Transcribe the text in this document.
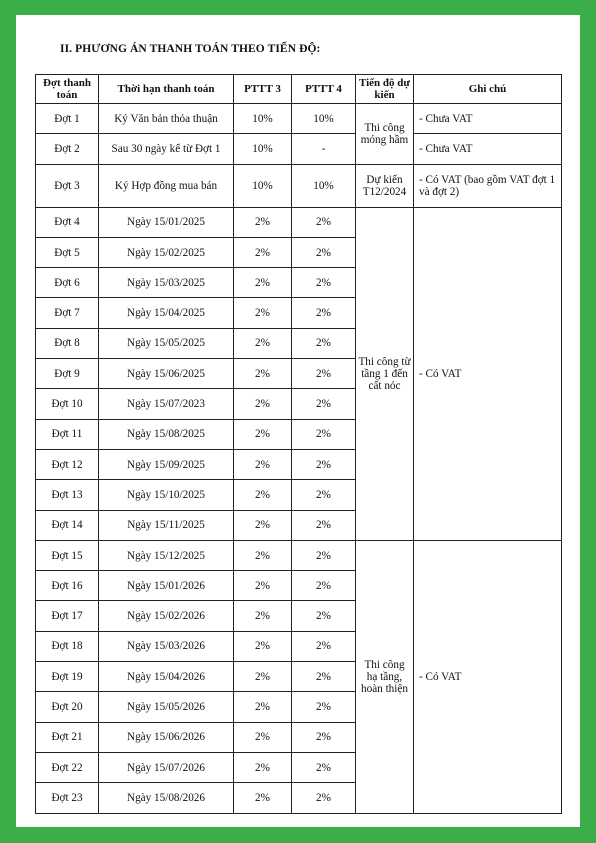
II. PHƯƠNG ÁN THANH TOÁN THEO TIẾN ĐỘ:
Đợt thanh toán	Thời hạn thanh toán	PTTT 3	PTTT 4	Tiến độ dự kiến	Ghi chú
Đợt 1	Ký Văn bản thỏa thuận	10%	10%	Thi công móng hầm	- Chưa VAT
Đợt 2	Sau 30 ngày kể từ Đợt 1	10%	-		- Chưa VAT
Đợt 3	Ký Hợp đồng mua bán	10%	10%	Dự kiến T12/2024	- Có VAT (bao gồm VAT đợt 1 và đợt 2)
Đợt 4	Ngày 15/01/2025	2%	2%	Thi công từ tầng 1 đến cất nóc	- Có VAT
Đợt 5	Ngày 15/02/2025	2%	2%		
Đợt 6	Ngày 15/03/2025	2%	2%		
Đợt 7	Ngày 15/04/2025	2%	2%		
Đợt 8	Ngày 15/05/2025	2%	2%		
Đợt 9	Ngày 15/06/2025	2%	2%		
Đợt 10	Ngày 15/07/2023	2%	2%		
Đợt 11	Ngày 15/08/2025	2%	2%		
Đợt 12	Ngày 15/09/2025	2%	2%		
Đợt 13	Ngày 15/10/2025	2%	2%		
Đợt 14	Ngày 15/11/2025	2%	2%		
Đợt 15	Ngày 15/12/2025	2%	2%	Thi công hạ tầng, hoàn thiện	- Có VAT
Đợt 16	Ngày 15/01/2026	2%	2%		
Đợt 17	Ngày 15/02/2026	2%	2%		
Đợt 18	Ngày 15/03/2026	2%	2%		
Đợt 19	Ngày 15/04/2026	2%	2%		
Đợt 20	Ngày 15/05/2026	2%	2%		
Đợt 21	Ngày 15/06/2026	2%	2%		
Đợt 22	Ngày 15/07/2026	2%	2%		
Đợt 23	Ngày 15/08/2026	2%	2%		
